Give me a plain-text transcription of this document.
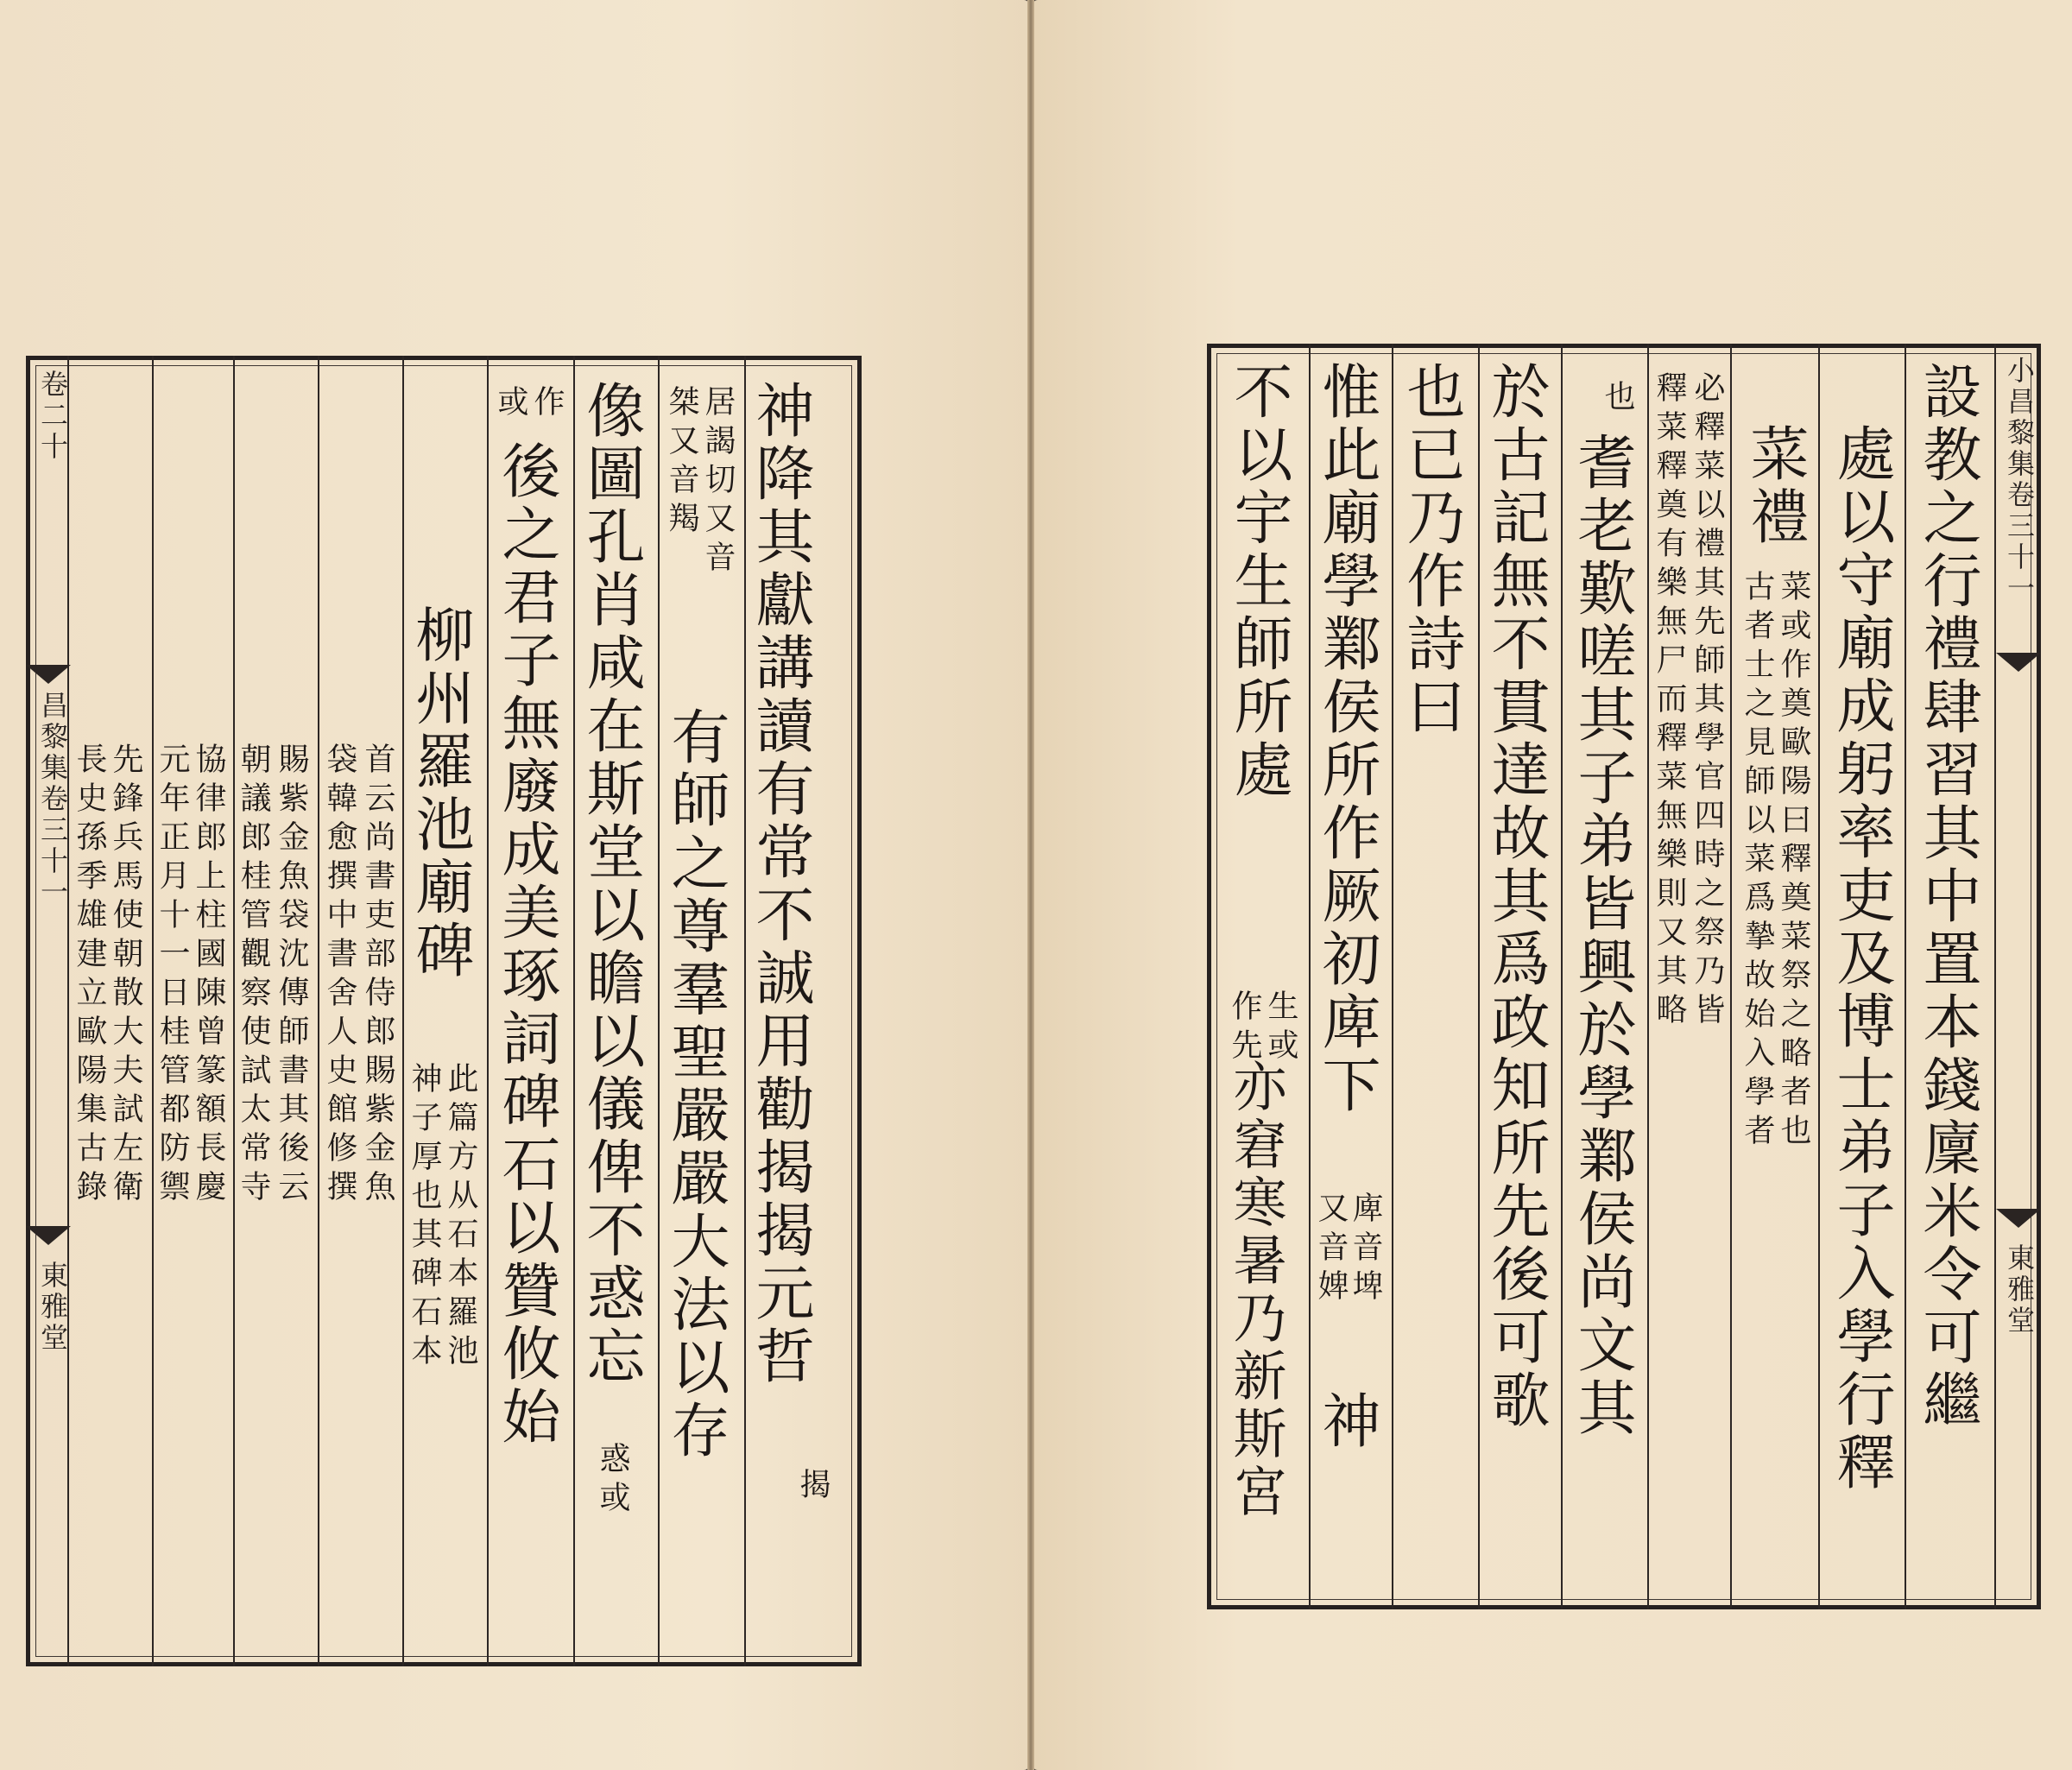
卷二十
昌黎集卷三十一
東雅堂	神降其獻講讀有常不誠用勸揭揭元哲
揭
居謁切又音
桀又音羯
有師之尊羣聖嚴嚴大法以存
像圖孔肖咸在斯堂以瞻以儀俾不惑忘
惑或
作
或
後之君子無廢成美琢詞碑石以贊攸始
柳州羅池廟碑
此篇方从石本羅池
神子厚也其碑石本
首云尚書吏部侍郎賜紫金魚
袋韓愈撰中書舍人史館修撰
賜紫金魚袋沈傳師書其後云
朝議郎桂管觀察使試太常寺
協律郎上柱國陳曾篆額長慶
元年正月十一日桂管都防禦
先鋒兵馬使朝散大夫試左衛
長史孫季雄建立歐陽集古錄
小昌黎集卷三十一
東雅堂
設教之行禮肆習其中置本錢廩米令可繼
處以守廟成躬率吏及博士弟子入學行釋
菜禮
菜或作奠歐陽曰釋奠菜祭之略者也
古者士之見師以菜爲摯故始入學者
必釋菜以禮其先師其學官四時之祭乃皆
釋菜釋奠有樂無尸而釋菜無樂則又其略
也
耆老歎嗟其子弟皆興於學鄴侯尚文其
於古記無不貫達故其爲政知所先後可歌
也已乃作詩曰
惟此廟學鄴侯所作厥初庳下
庳音埤
又音婢
神
不以宇生師所處
生或
作先
亦窘寒暑乃新斯宮
